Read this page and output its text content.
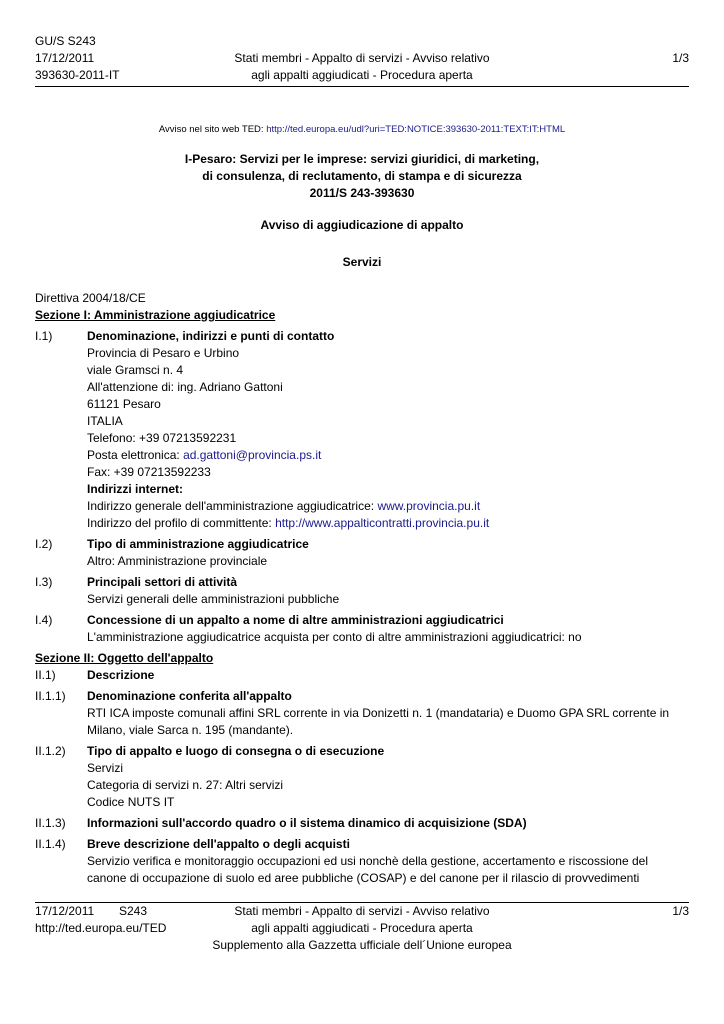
GU/S S243
17/12/2011
393630-2011-IT
Stati membri - Appalto di servizi - Avviso relativo
agli appalti aggiudicati - Procedura aperta
1/3
Avviso nel sito web TED: http://ted.europa.eu/udl?uri=TED:NOTICE:393630-2011:TEXT:IT:HTML
I-Pesaro: Servizi per le imprese: servizi giuridici, di marketing,
di consulenza, di reclutamento, di stampa e di sicurezza
2011/S 243-393630
Avviso di aggiudicazione di appalto
Servizi
Direttiva 2004/18/CE
Sezione I: Amministrazione aggiudicatrice
I.1)	Denominazione, indirizzi e punti di contatto
Provincia di Pesaro e Urbino
viale Gramsci n. 4
All'attenzione di: ing. Adriano Gattoni
61121 Pesaro
ITALIA
Telefono: +39 07213592231
Posta elettronica: ad.gattoni@provincia.ps.it
Fax: +39 07213592233
Indirizzi internet:
Indirizzo generale dell'amministrazione aggiudicatrice: www.provincia.pu.it
Indirizzo del profilo di committente: http://www.appalticontratti.provincia.pu.it
I.2)	Tipo di amministrazione aggiudicatrice
Altro: Amministrazione provinciale
I.3)	Principali settori di attività
Servizi generali delle amministrazioni pubbliche
I.4)	Concessione di un appalto a nome di altre amministrazioni aggiudicatrici
L'amministrazione aggiudicatrice acquista per conto di altre amministrazioni aggiudicatrici: no
Sezione II: Oggetto dell'appalto
II.1)	Descrizione
II.1.1)	Denominazione conferita all'appalto
RTI ICA imposte comunali affini SRL corrente in via Donizetti n. 1 (mandataria) e Duomo GPA SRL corrente in Milano, viale Sarca n. 195 (mandante).
II.1.2)	Tipo di appalto e luogo di consegna o di esecuzione
Servizi
Categoria di servizi n. 27: Altri servizi
Codice NUTS IT
II.1.3)	Informazioni sull'accordo quadro o il sistema dinamico di acquisizione (SDA)
II.1.4)	Breve descrizione dell'appalto o degli acquisti
Servizio verifica e monitoraggio occupazioni ed usi nonchè della gestione, accertamento e riscossione del canone di occupazione di suolo ed aree pubbliche (COSAP) e del canone per il rilascio di provvedimenti
17/12/2011 S243
http://ted.europa.eu/TED
Stati membri - Appalto di servizi - Avviso relativo
agli appalti aggiudicati - Procedura aperta
Supplemento alla Gazzetta ufficiale dell´Unione europea
1/3
